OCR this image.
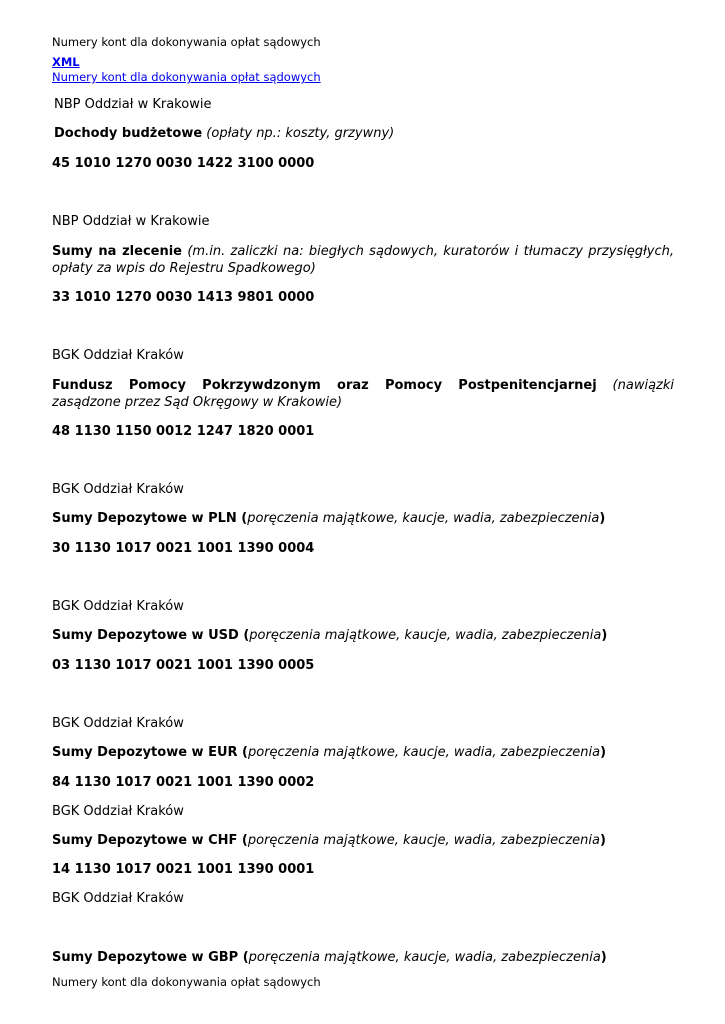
Numery kont dla dokonywania opłat sądowych
XML
Numery kont dla dokonywania opłat sądowych
NBP Oddział w Krakowie
Dochody budżetowe (opłaty np.: koszty, grzywny)
45 1010 1270 0030 1422 3100 0000
NBP Oddział w Krakowie
Sumy na zlecenie (m.in. zaliczki na: biegłych sądowych, kuratorów i tłumaczy przysięgłych, opłaty za wpis do Rejestru Spadkowego)
33 1010 1270 0030 1413 9801 0000
BGK Oddział Kraków
Fundusz Pomocy Pokrzywdzonym oraz Pomocy Postpenitencjarnej (nawiązki zasądzone przez Sąd Okręgowy w Krakowie)
48 1130 1150 0012 1247 1820 0001
BGK Oddział Kraków
Sumy Depozytowe w PLN (poręczenia majątkowe, kaucje, wadia, zabezpieczenia)
30 1130 1017 0021 1001 1390 0004
BGK Oddział Kraków
Sumy Depozytowe w USD (poręczenia majątkowe, kaucje, wadia, zabezpieczenia)
03 1130 1017 0021 1001 1390 0005
BGK Oddział Kraków
Sumy Depozytowe w EUR (poręczenia majątkowe, kaucje, wadia, zabezpieczenia)
84 1130 1017 0021 1001 1390 0002
BGK Oddział Kraków
Sumy Depozytowe w CHF (poręczenia majątkowe, kaucje, wadia, zabezpieczenia)
14 1130 1017 0021 1001 1390 0001
BGK Oddział Kraków
Sumy Depozytowe w GBP (poręczenia majątkowe, kaucje, wadia, zabezpieczenia)
Numery kont dla dokonywania opłat sądowych
